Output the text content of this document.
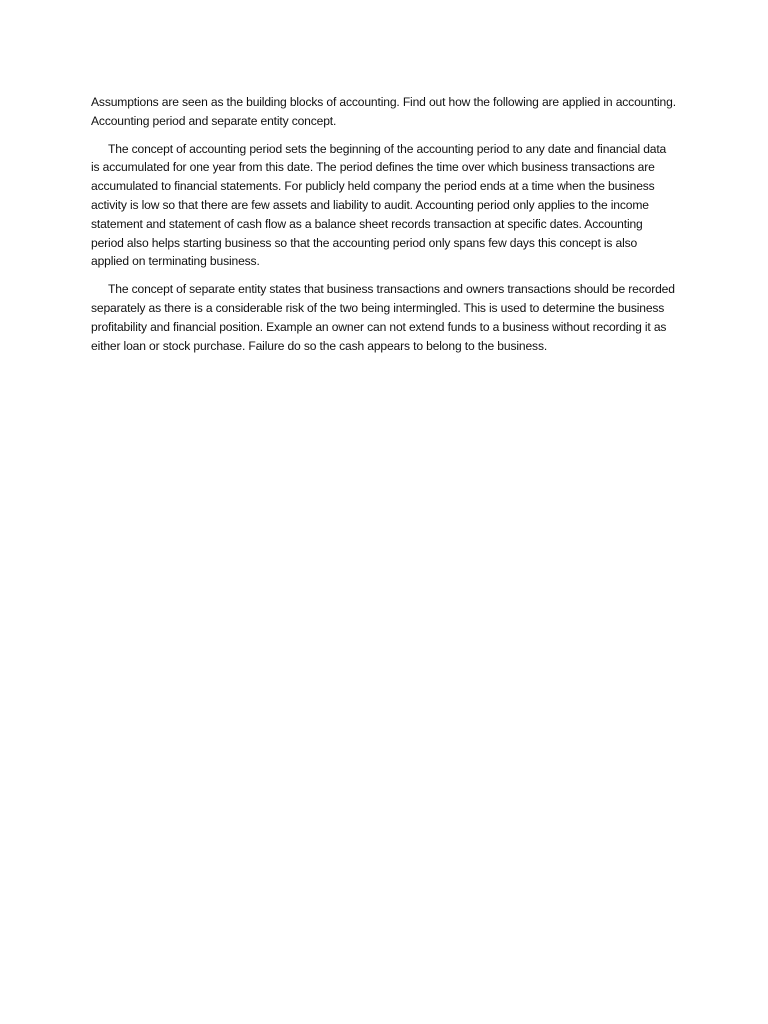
Assumptions are seen as the building blocks of accounting. Find out how the following are applied in accounting. Accounting period and separate entity concept.

The concept of accounting period sets the beginning of the accounting period to any date and financial data is accumulated for one year from this date. The period defines the time over which business transactions are accumulated to financial statements. For publicly held company the period ends at a time when the business activity is low so that there are few assets and liability to audit. Accounting period only applies to the income statement and statement of cash flow as a balance sheet records transaction at specific dates. Accounting period also helps starting business so that the accounting period only spans few days this concept is also applied on terminating business.

The concept of separate entity states that business transactions and owners transactions should be recorded separately as there is a considerable risk of the two being intermingled. This is used to determine the business profitability and financial position. Example an owner can not extend funds to a business without recording it as either loan or stock purchase. Failure do so the cash appears to belong to the business.
